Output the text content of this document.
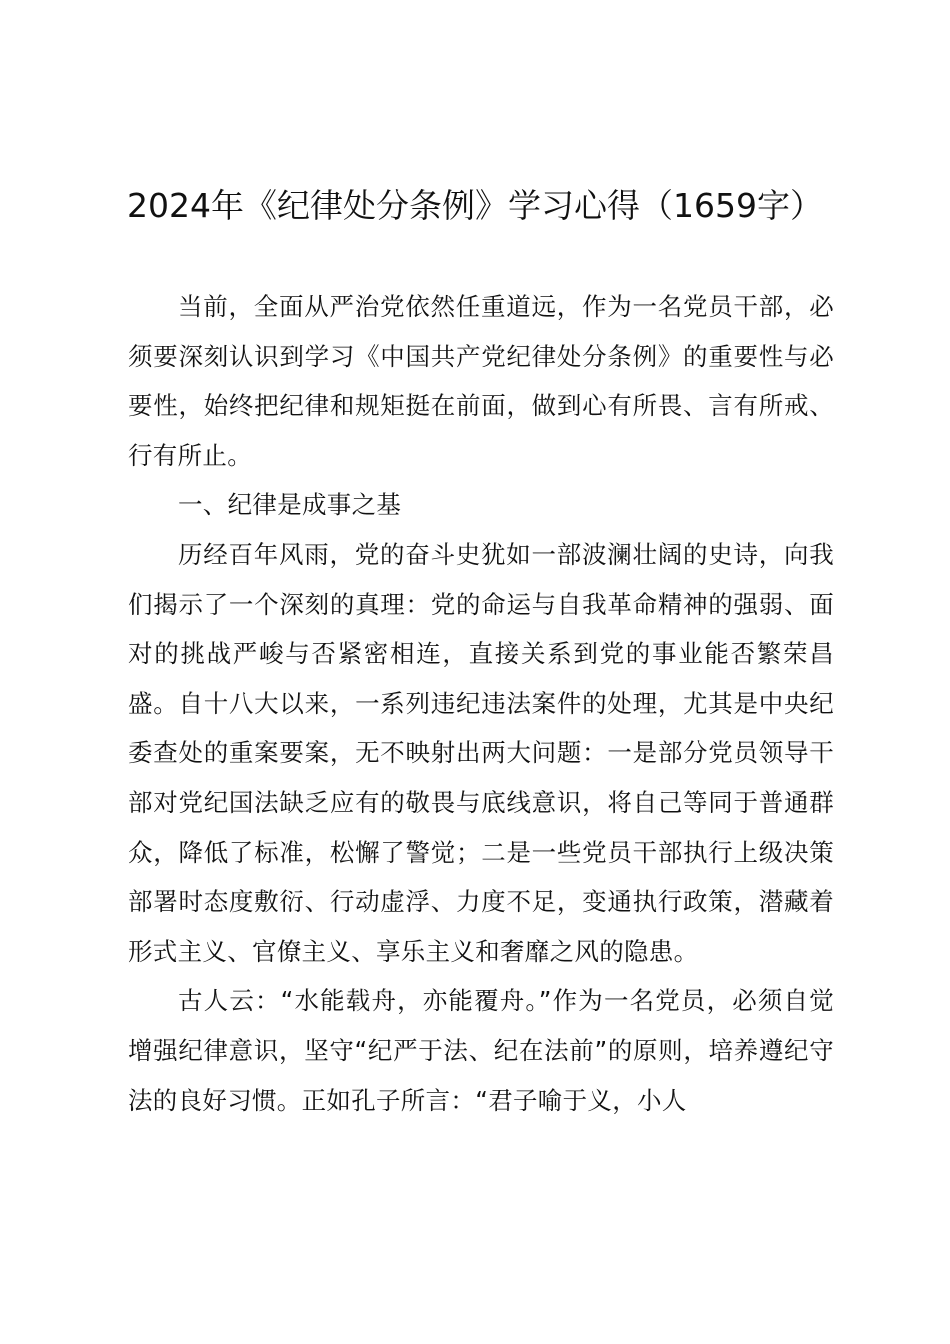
2024年《纪律处分条例》学习心得（1659字）

当前，全面从严治党依然任重道远，作为一名党员干部，必须要深刻认识到学习《中国共产党纪律处分条例》的重要性与必要性，始终把纪律和规矩挺在前面，做到心有所畏、言有所戒、行有所止。

一、纪律是成事之基

历经百年风雨，党的奋斗史犹如一部波澜壮阔的史诗，向我们揭示了一个深刻的真理：党的命运与自我革命精神的强弱、面对的挑战严峻与否紧密相连，直接关系到党的事业能否繁荣昌盛。自十八大以来，一系列违纪违法案件的处理，尤其是中央纪委查处的重案要案，无不映射出两大问题：一是部分党员领导干部对党纪国法缺乏应有的敬畏与底线意识，将自己等同于普通群众，降低了标准，松懈了警觉；二是一些党员干部执行上级决策部署时态度敷衍、行动虚浮、力度不足，变通执行政策，潜藏着形式主义、官僚主义、享乐主义和奢靡之风的隐患。

古人云：“水能载舟，亦能覆舟。”作为一名党员，必须自觉增强纪律意识，坚守“纪严于法、纪在法前”的原则，培养遵纪守法的良好习惯。正如孔子所言：“君子喻于义，小人
